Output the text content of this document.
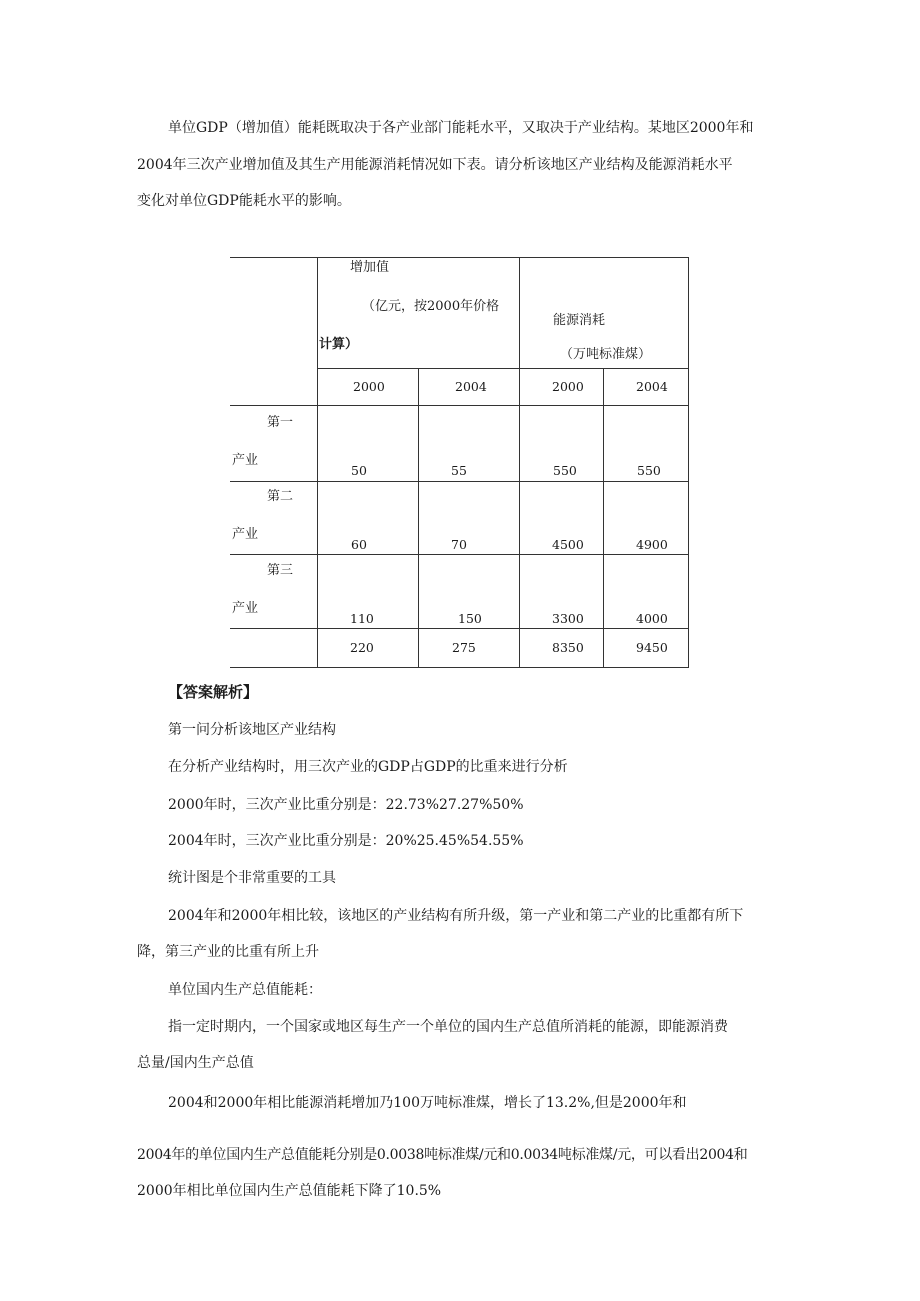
单位GDP（增加值）能耗既取决于各产业部门能耗水平，又取决于产业结构。某地区2000年和
2004年三次产业增加值及其生产用能源消耗情况如下表。请分析该地区产业结构及能源消耗水平
变化对单位GDP能耗水平的影响。
增加值
（亿元，按2000年价格
计算）
能源消耗
（万吨标准煤）
2000	2004	2000	2004
第一
产业
50	55	550	550
第二
产业
60	70	4500	4900
第三
产业
110	150	3300	4000
220	275	8350	9450
【答案解析】
第一问分析该地区产业结构
在分析产业结构时，用三次产业的GDP占GDP的比重来进行分析
2000年时，三次产业比重分别是：22.73%27.27%50%
2004年时，三次产业比重分别是：20%25.45%54.55%
统计图是个非常重要的工具
2004年和2000年相比较，该地区的产业结构有所升级，第一产业和第二产业的比重都有所下
降，第三产业的比重有所上升
单位国内生产总值能耗：
指一定时期内，一个国家或地区每生产一个单位的国内生产总值所消耗的能源，即能源消费
总量/国内生产总值
2004和2000年相比能源消耗增加乃100万吨标准煤，增长了13.2%,但是2000年和
2004年的单位国内生产总值能耗分别是0.0038吨标准煤/元和0.0034吨标准煤/元，可以看出2004和
2000年相比单位国内生产总值能耗下降了10.5%
